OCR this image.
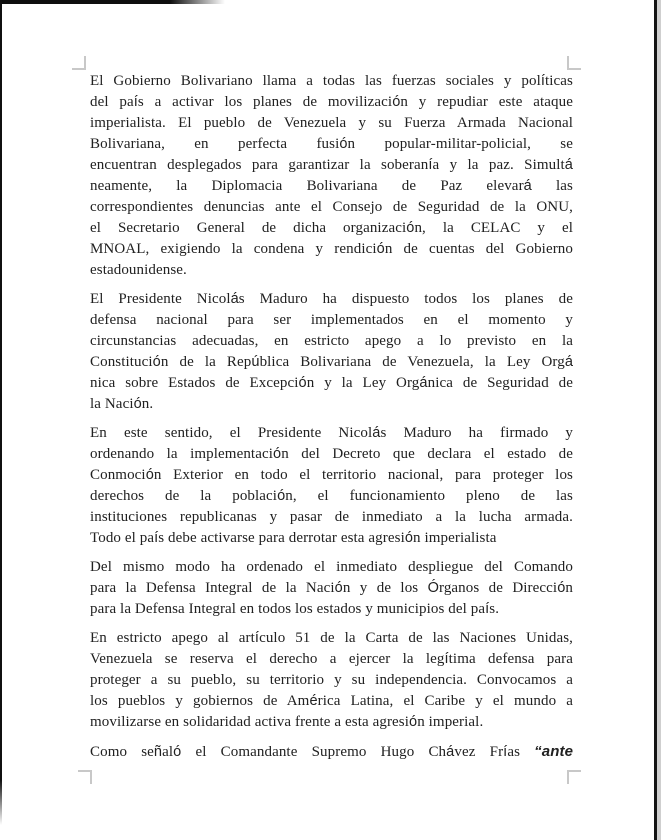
El Gobierno Bolivariano llama a todas las fuerzas sociales y políticas
del país a activar los planes de movilización y repudiar este ataque
imperialista. El pueblo de Venezuela y su Fuerza Armada Nacional
Bolivariana, en perfecta fusión popular-militar-policial, se
encuentran desplegados para garantizar la soberanía y la paz. Simultá
neamente, la Diplomacia Bolivariana de Paz elevará las
correspondientes denuncias ante el Consejo de Seguridad de la ONU,
el Secretario General de dicha organización, la CELAC y el
MNOAL, exigiendo la condena y rendición de cuentas del Gobierno
estadounidense.
El Presidente Nicolás Maduro ha dispuesto todos los planes de
defensa nacional para ser implementados en el momento y
circunstancias adecuadas, en estricto apego a lo previsto en la
Constitución de la República Bolivariana de Venezuela, la Ley Orgá
nica sobre Estados de Excepción y la Ley Orgánica de Seguridad de
la Nación.
En este sentido, el Presidente Nicolás Maduro ha firmado y
ordenando la implementación del Decreto que declara el estado de
Conmoción Exterior en todo el territorio nacional, para proteger los
derechos de la población, el funcionamiento pleno de las
instituciones republicanas y pasar de inmediato a la lucha armada.
Todo el país debe activarse para derrotar esta agresión imperialista
Del mismo modo ha ordenado el inmediato despliegue del Comando
para la Defensa Integral de la Nación y de los Órganos de Dirección
para la Defensa Integral en todos los estados y municipios del país.
En estricto apego al artículo 51 de la Carta de las Naciones Unidas,
Venezuela se reserva el derecho a ejercer la legítima defensa para
proteger a su pueblo, su territorio y su independencia. Convocamos a
los pueblos y gobiernos de América Latina, el Caribe y el mundo a
movilizarse en solidaridad activa frente a esta agresión imperial.
Como señaló el Comandante Supremo Hugo Chávez Frías “ante
